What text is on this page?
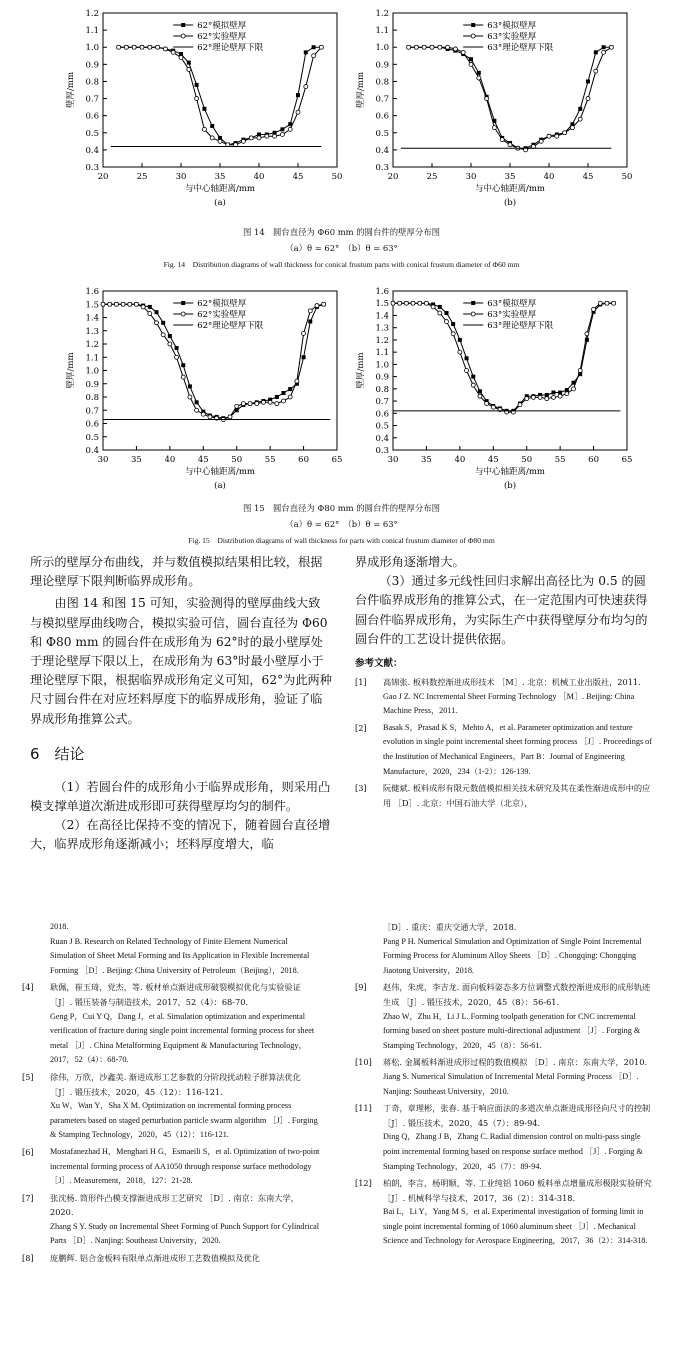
20	25	30	35	40	45	50
0.3
0.4
0.5
0.6
0.7
0.8
0.9
1.0
1.1
1.2
与中心轴距离/mm
壁厚/mm
(a)
62°模拟壁厚
62°实验壁厚
62°理论壁厚下限
20	25	30	35	40	45	50
0.3
0.4
0.5
0.6
0.7
0.8
0.9
1.0
1.1
1.2
与中心轴距离/mm
壁厚/mm
(b)
63°模拟壁厚
63°实验壁厚
63°理论壁厚下限
图 14　圆台直径为 Φ60 mm 的圆台件的壁厚分布图
（a）θ = 62°　（b）θ = 63°
Fig. 14　Distribution diagrams of wall thickness for conical frustum parts with conical frustum diameter of Φ60 mm
30	35	40	45	50	55	60	65
0.4
0.5
0.6
0.7
0.8
0.9
1.0
1.1
1.2
1.3
1.4
1.5
1.6
与中心轴距离/mm
壁厚/mm
(a)
62°模拟壁厚
62°实验壁厚
62°理论壁厚下限
30	35	40	45	50	55	60	65
0.3
0.4
0.5
0.6
0.7
0.8
0.9
1.0
1.1
1.2
1.3
1.4
1.5
1.6
与中心轴距离/mm
壁厚/mm
(b)
63°模拟壁厚
63°实验壁厚
63°理论壁厚下限
图 15　圆台直径为 Φ80 mm 的圆台件的壁厚分布图
（a）θ = 62°　（b）θ = 63°
Fig. 15　Distribution diagrams of wall thickness for parts with conical frustum diameter of Φ80 mm

所示的壁厚分布曲线，并与数值模拟结果相比较，根据理论壁厚下限判断临界成形角。

由图 14 和图 15 可知，实验测得的壁厚曲线大致与模拟壁厚曲线吻合，模拟实验可信，圆台直径为 Φ60 和 Φ80 mm 的圆台件在成形角为 62°时的最小壁厚处于理论壁厚下限以上，在成形角为 63°时最小壁厚小于理论壁厚下限，根据临界成形角定义可知，62°为此两种尺寸圆台件在对应坯料厚度下的临界成形角，验证了临界成形角推算公式。

6　结论

（1）若圆台件的成形角小于临界成形角，则采用凸模支撑单道次渐进成形即可获得壁厚均匀的制件。

（2）在高径比保持不变的情况下，随着圆台直径增大，临界成形角逐渐减小；坯料厚度增大，临

界成形角逐渐增大。

（3）通过多元线性回归求解出高径比为 0.5 的圆台件临界成形角的推算公式，在一定范围内可快速获得圆台件临界成形角，为实际生产中获得壁厚分布均匀的圆台件的工艺设计提供依据。

参考文献：
[1] 高锦张. 板料数控渐进成形技术 ［M］. 北京：机械工业出版社，2011.
Gao J Z. NC Incremental Sheet Forming Technology ［M］. Beijing: China Machine Press，2011.
[2] Basak S，Prasad K S，Mehto A，et al. Parameter optimization and texture evolution in single point incremental sheet forming process ［J］. Proceedings of the Institution of Mechanical Engineers，Part B：Journal of Engineering Manufacture，2020，234（1-2）：126-139.
[3] 阮健斌. 板料成形有限元数值模拟相关技术研究及其在柔性渐进成形中的应用 ［D］. 北京：中国石油大学（北京），
2018.
Ruan J B. Research on Related Technology of Finite Element Numerical Simulation of Sheet Metal Forming and Its Application in Flexible Incremental Forming ［D］. Beijing: China University of Petroleum（Beijing），2018.
[4] 耿佩，崔玉琦，党杰，等. 板材单点渐进成形破裂模拟优化与实验验证 ［J］. 锻压装备与制造技术，2017，52（4）：68-70.
Geng P，Cui Y Q，Dang J，et al. Simulation optimization and experimental verification of fracture during single point incremental forming process for sheet metal ［J］. China Metalforming Equipment & Manufacturing Technology，2017，52（4）：68-70.
[5] 徐伟，万欣，沙鑫美. 渐进成形工艺参数的分阶段扰动粒子群算法优化 ［J］. 锻压技术，2020，45（12）：116-121.
Xu W，Wan Y，Sha X M. Optimization on incremental forming process parameters based on staged perturbation particle swarm algorithm ［J］. Forging & Stamping Technology，2020，45（12）：116-121.
[6] Mostafanezhad H，Menghari H G，Esmaeili S，et al. Optimization of two-point incremental forming process of AA1050 through response surface methodology ［J］. Measurement，2018，127：21-28.
[7] 张沈杨. 筒形件凸模支撑渐进成形工艺研究 ［D］. 南京：东南大学，2020.
Zhang S Y. Study on Incremental Sheet Forming of Punch Support for Cylindrical Parts ［D］. Nanjing: Southeast University，2020.
[8] 庞鹏辉. 铝合金板料有限单点渐进成形工艺数值模拟及优化
［D］. 重庆：重庆交通大学，2018.
Pang P H. Numerical Simulation and Optimization of Single Point Incremental Forming Process for Aluminum Alloy Sheets ［D］. Chongqing: Chongqing Jiaotong University，2018.
[9] 赵伟，朱虎，李吉龙. 面向板料姿态多方位调整式数控渐进成形的成形轨迹生成 ［J］. 锻压技术，2020，45（8）：56-61.
Zhao W，Zhu H，Li J L. Forming toolpath generation for CNC incremental forming based on sheet posture multi-directional adjustment ［J］. Forging & Stamping Technology，2020，45（8）：56-61.
[10] 蒋松. 金属板料渐进成形过程的数值模拟 ［D］. 南京：东南大学，2010.
Jiang S. Numerical Simulation of Incremental Metal Forming Process ［D］. Nanjing: Southeast University，2010.
[11] 丁奇，章理彬，张春. 基于响应面法的多道次单点渐进成形径向尺寸的控制 ［J］. 锻压技术，2020，45（7）：89-94.
Ding Q，Zhang J B，Zhang C. Radial dimension control on multi-pass single point incremental forming based on response surface method ［J］. Forging & Stamping Technology，2020，45（7）：89-94.
[12] 柏朗，李言，杨明顺，等. 工业纯铝 1060 板料单点增量成形极限实验研究 ［J］. 机械科学与技术，2017，36（2）：314-318.
Bai L，Li Y，Yang M S，et al. Experimental investigation of forming limit in single point incremental forming of 1060 aluminum sheet ［J］. Mechanical Science and Technology for Aerospace Engineering，2017，36（2）：314-318.
